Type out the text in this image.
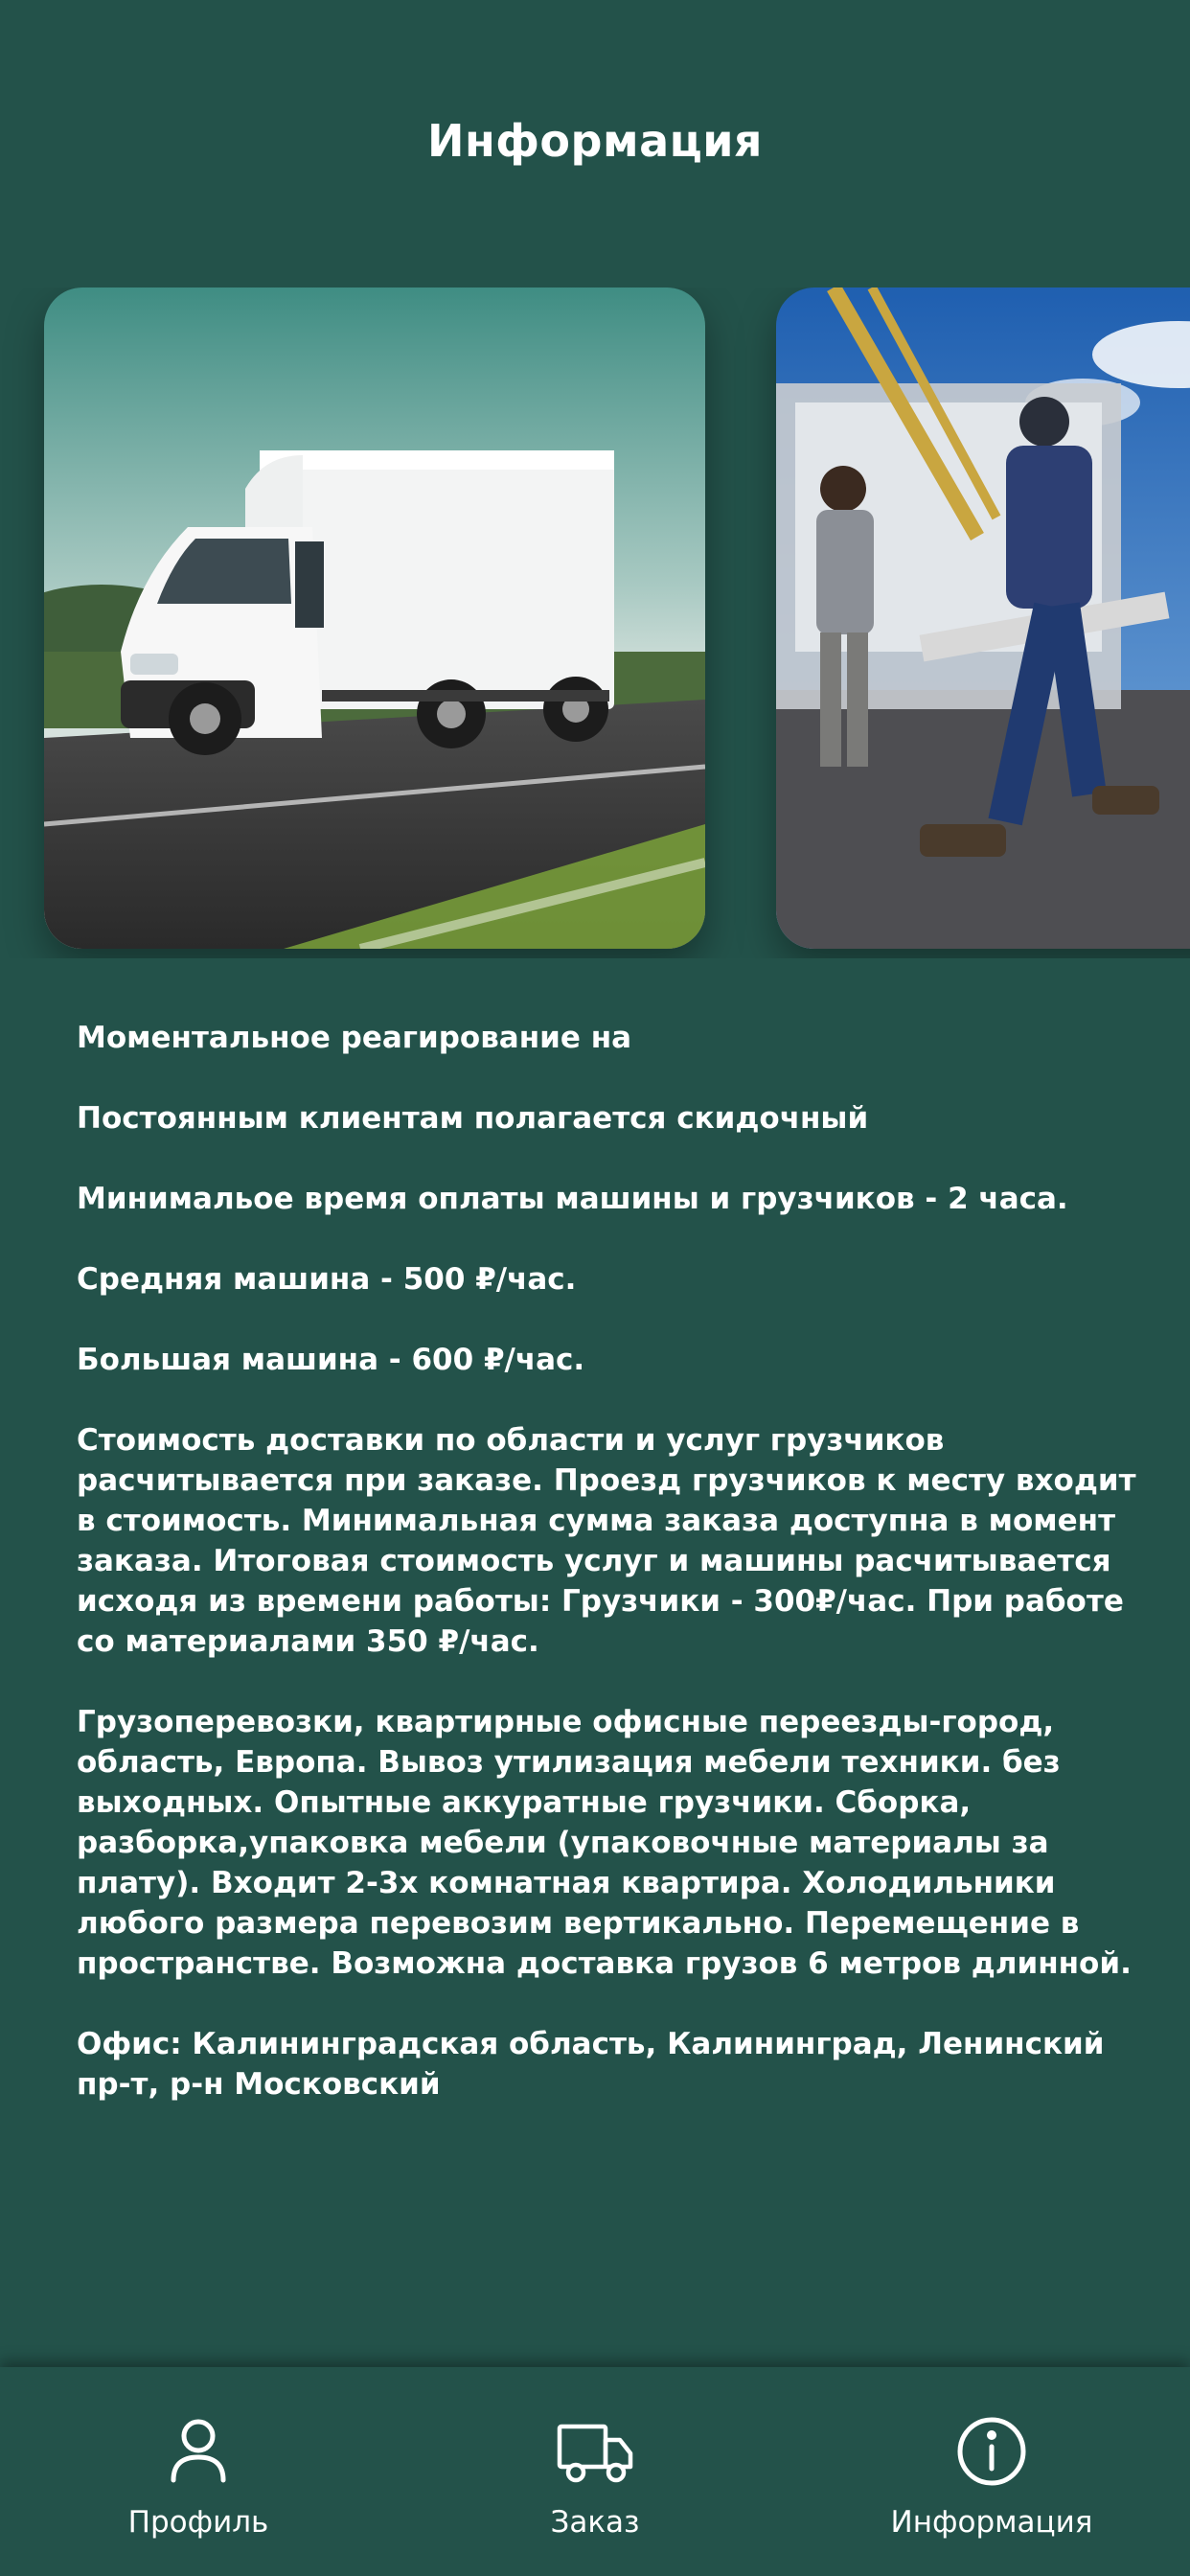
Информация

Моментальное реагирование на

Постоянным клиентам полагается скидочный

Минимальое время оплаты машины и грузчиков - 2 часа.

Средняя машина - 500 ₽/час.

Большая машина - 600 ₽/час.

Стоимость доставки по области и услуг грузчиков расчитывается при заказе. Проезд грузчиков к месту входит в стоимость. Минимальная сумма заказа доступна в момент заказа. Итоговая стоимость услуг и машины расчитывается исходя из времени работы: Грузчики - 300₽/час. При работе со материалами 350 ₽/час.

Грузоперевозки, квартирные офисные переезды-город, область, Европа. Вывоз утилизация мебели техники. без выходных. Опытные аккуратные грузчики. Сборка, разборка,упаковка мебели (упаковочные материалы за плату). Входит 2-3х комнатная квартира. Холодильники любого размера перевозим вертикально. Перемещение в пространстве. Возможна доставка грузов 6 метров длинной.

Офис: Калининградская область, Калининград, Ленинский пр-т, р-н Московский

Профиль	Заказ	Информация
